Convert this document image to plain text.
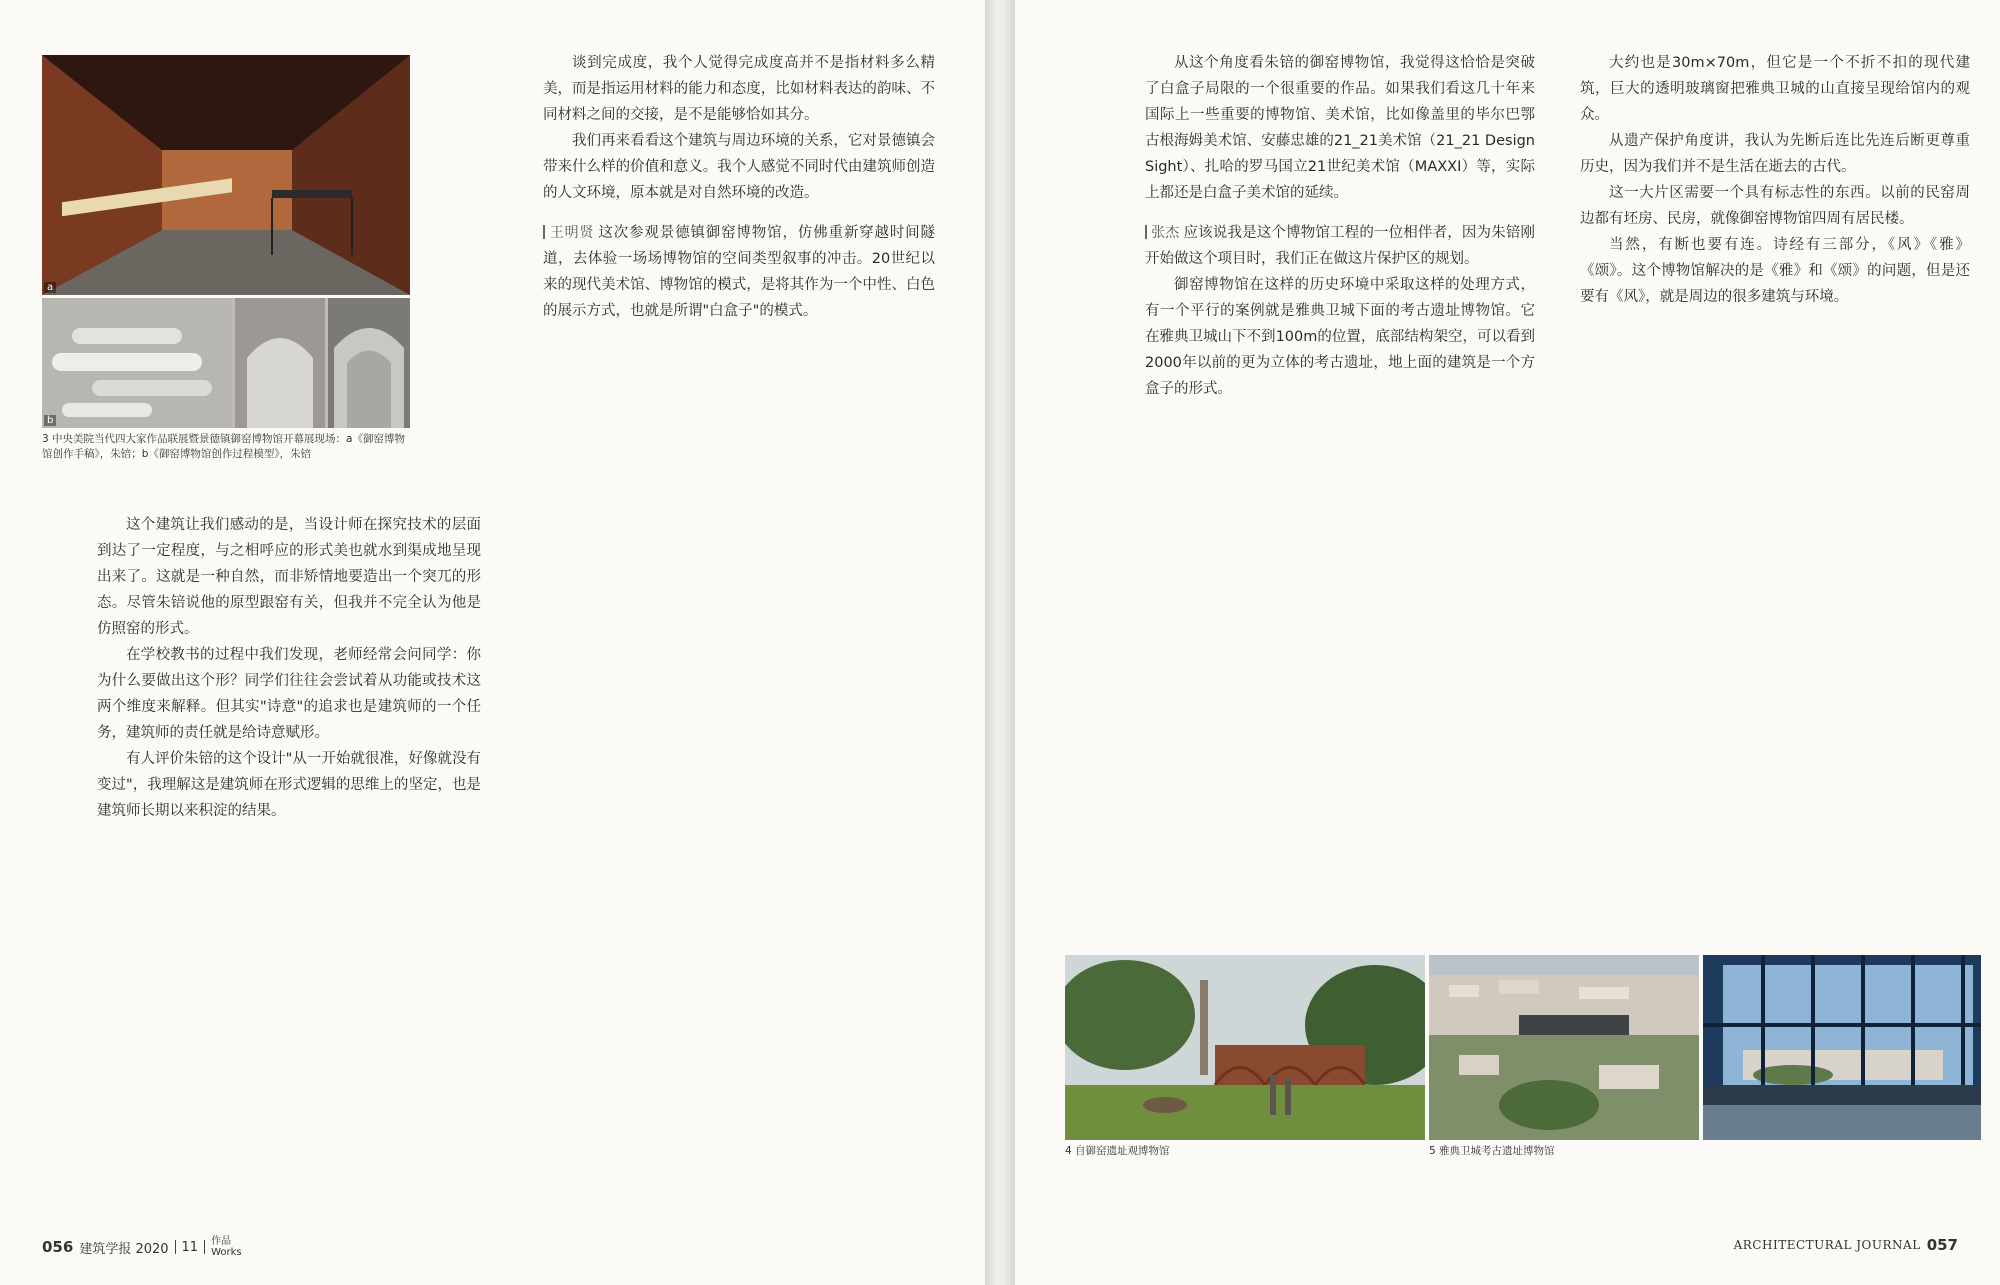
a
b
3 中央美院当代四大家作品联展暨景德镇御窑博物馆开幕展现场：a《御窑博物馆创作手稿》，朱锫；b《御窑博物馆创作过程模型》，朱锫

这个建筑让我们感动的是，当设计师在探究技术的层面到达了一定程度，与之相呼应的形式美也就水到渠成地呈现出来了。这就是一种自然，而非矫情地要造出一个突兀的形态。尽管朱锫说他的原型跟窑有关，但我并不完全认为他是仿照窑的形式。

在学校教书的过程中我们发现，老师经常会问同学：你为什么要做出这个形？同学们往往会尝试着从功能或技术这两个维度来解释。但其实"诗意"的追求也是建筑师的一个任务，建筑师的责任就是给诗意赋形。

有人评价朱锫的这个设计"从一开始就很准，好像就没有变过"，我理解这是建筑师在形式逻辑的思维上的坚定，也是建筑师长期以来积淀的结果。

谈到完成度，我个人觉得完成度高并不是指材料多么精美，而是指运用材料的能力和态度，比如材料表达的韵味、不同材料之间的交接，是不是能够恰如其分。

我们再来看看这个建筑与周边环境的关系，它对景德镇会带来什么样的价值和意义。我个人感觉不同时代由建筑师创造的人文环境，原本就是对自然环境的改造。

王明贤 这次参观景德镇御窑博物馆，仿佛重新穿越时间隧道，去体验一场场博物馆的空间类型叙事的冲击。20世纪以来的现代美术馆、博物馆的模式，是将其作为一个中性、白色的展示方式，也就是所谓"白盒子"的模式。

056 建筑学报 2020 11 作品
Works

从这个角度看朱锫的御窑博物馆，我觉得这恰恰是突破了白盒子局限的一个很重要的作品。如果我们看这几十年来国际上一些重要的博物馆、美术馆，比如像盖里的毕尔巴鄂古根海姆美术馆、安藤忠雄的21_21美术馆（21_21 Design Sight）、扎哈的罗马国立21世纪美术馆（MAXXI）等，实际上都还是白盒子美术馆的延续。

张杰 应该说我是这个博物馆工程的一位相伴者，因为朱锫刚开始做这个项目时，我们正在做这片保护区的规划。

御窑博物馆在这样的历史环境中采取这样的处理方式，有一个平行的案例就是雅典卫城下面的考古遗址博物馆。它在雅典卫城山下不到100m的位置，底部结构架空，可以看到2000年以前的更为立体的考古遗址，地上面的建筑是一个方盒子的形式。

大约也是30m×70m，但它是一个不折不扣的现代建筑，巨大的透明玻璃窗把雅典卫城的山直接呈现给馆内的观众。

从遗产保护角度讲，我认为先断后连比先连后断更尊重历史，因为我们并不是生活在逝去的古代。

这一大片区需要一个具有标志性的东西。以前的民窑周边都有坯房、民房，就像御窑博物馆四周有居民楼。

当然，有断也要有连。诗经有三部分，《风》《雅》《颂》。这个博物馆解决的是《雅》和《颂》的问题，但是还要有《风》，就是周边的很多建筑与环境。

4 自御窑遗址观博物馆	5 雅典卫城考古遗址博物馆
ARCHITECTURAL JOURNAL 057
